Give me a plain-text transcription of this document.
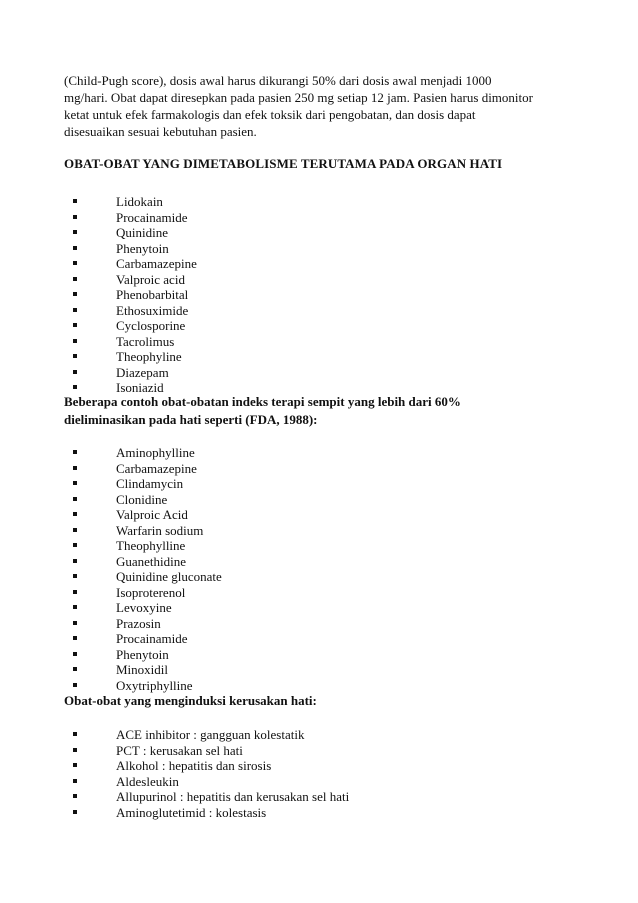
(Child-Pugh score), dosis awal harus dikurangi 50% dari dosis awal menjadi 1000
mg/hari. Obat dapat diresepkan pada pasien 250 mg setiap 12 jam. Pasien harus dimonitor
ketat untuk efek farmakologis dan efek toksik dari pengobatan, dan dosis dapat
disesuaikan sesuai kebutuhan pasien.
OBAT-OBAT YANG DIMETABOLISME TERUTAMA PADA ORGAN HATI
Lidokain
Procainamide
Quinidine
Phenytoin
Carbamazepine
Valproic acid
Phenobarbital
Ethosuximide
Cyclosporine
Tacrolimus
Theophyline
Diazepam
Isoniazid
Beberapa contoh obat-obatan indeks terapi sempit yang lebih dari 60%
dieliminasikan pada hati seperti (FDA, 1988):
Aminophylline
Carbamazepine
Clindamycin
Clonidine
Valproic Acid
Warfarin sodium
Theophylline
Guanethidine
Quinidine gluconate
Isoproterenol
Levoxyine
Prazosin
Procainamide
Phenytoin
Minoxidil
Oxytriphylline
Obat-obat yang menginduksi kerusakan hati:
ACE inhibitor : gangguan kolestatik
PCT : kerusakan sel hati
Alkohol : hepatitis dan sirosis
Aldesleukin
Allupurinol : hepatitis dan kerusakan sel hati
Aminoglutetimid : kolestasis
